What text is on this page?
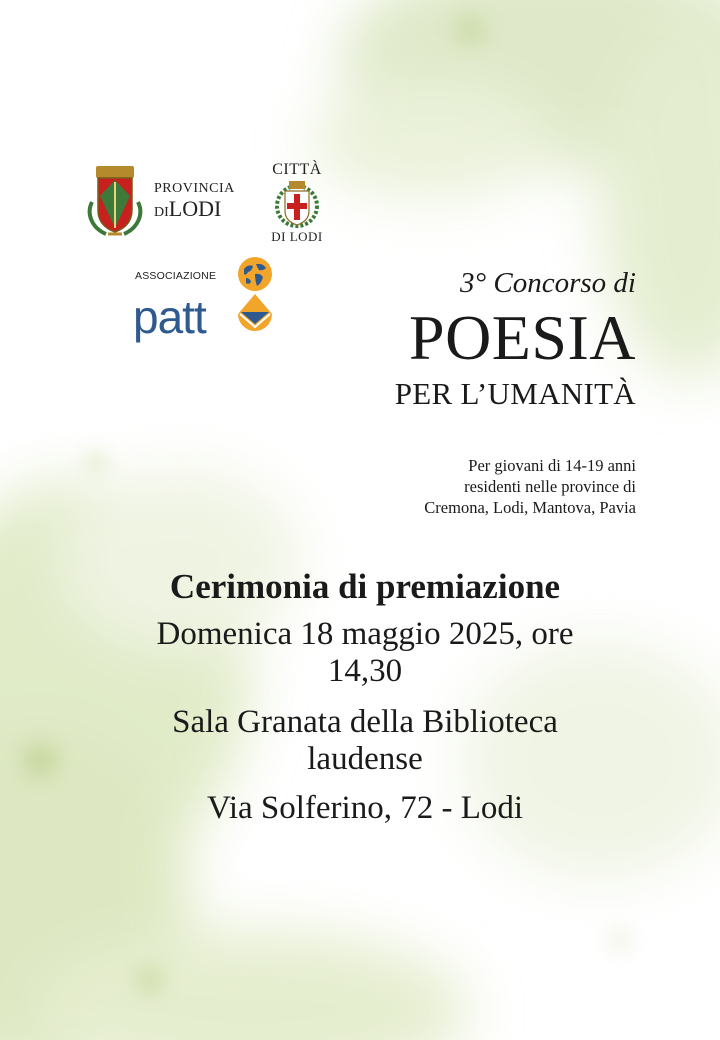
PROVINCIA
DILODI
CITTÀ
DI LODI
ASSOCIAZIONE
patt
3° Concorso di
POESIA
PER L’UMANITÀ
Per giovani di 14-19 anni
residenti nelle province di
Cremona, Lodi, Mantova, Pavia
Cerimonia di premiazione
Domenica 18 maggio 2025, ore
14,30
Sala Granata della Biblioteca
laudense
Via Solferino, 72 - Lodi
